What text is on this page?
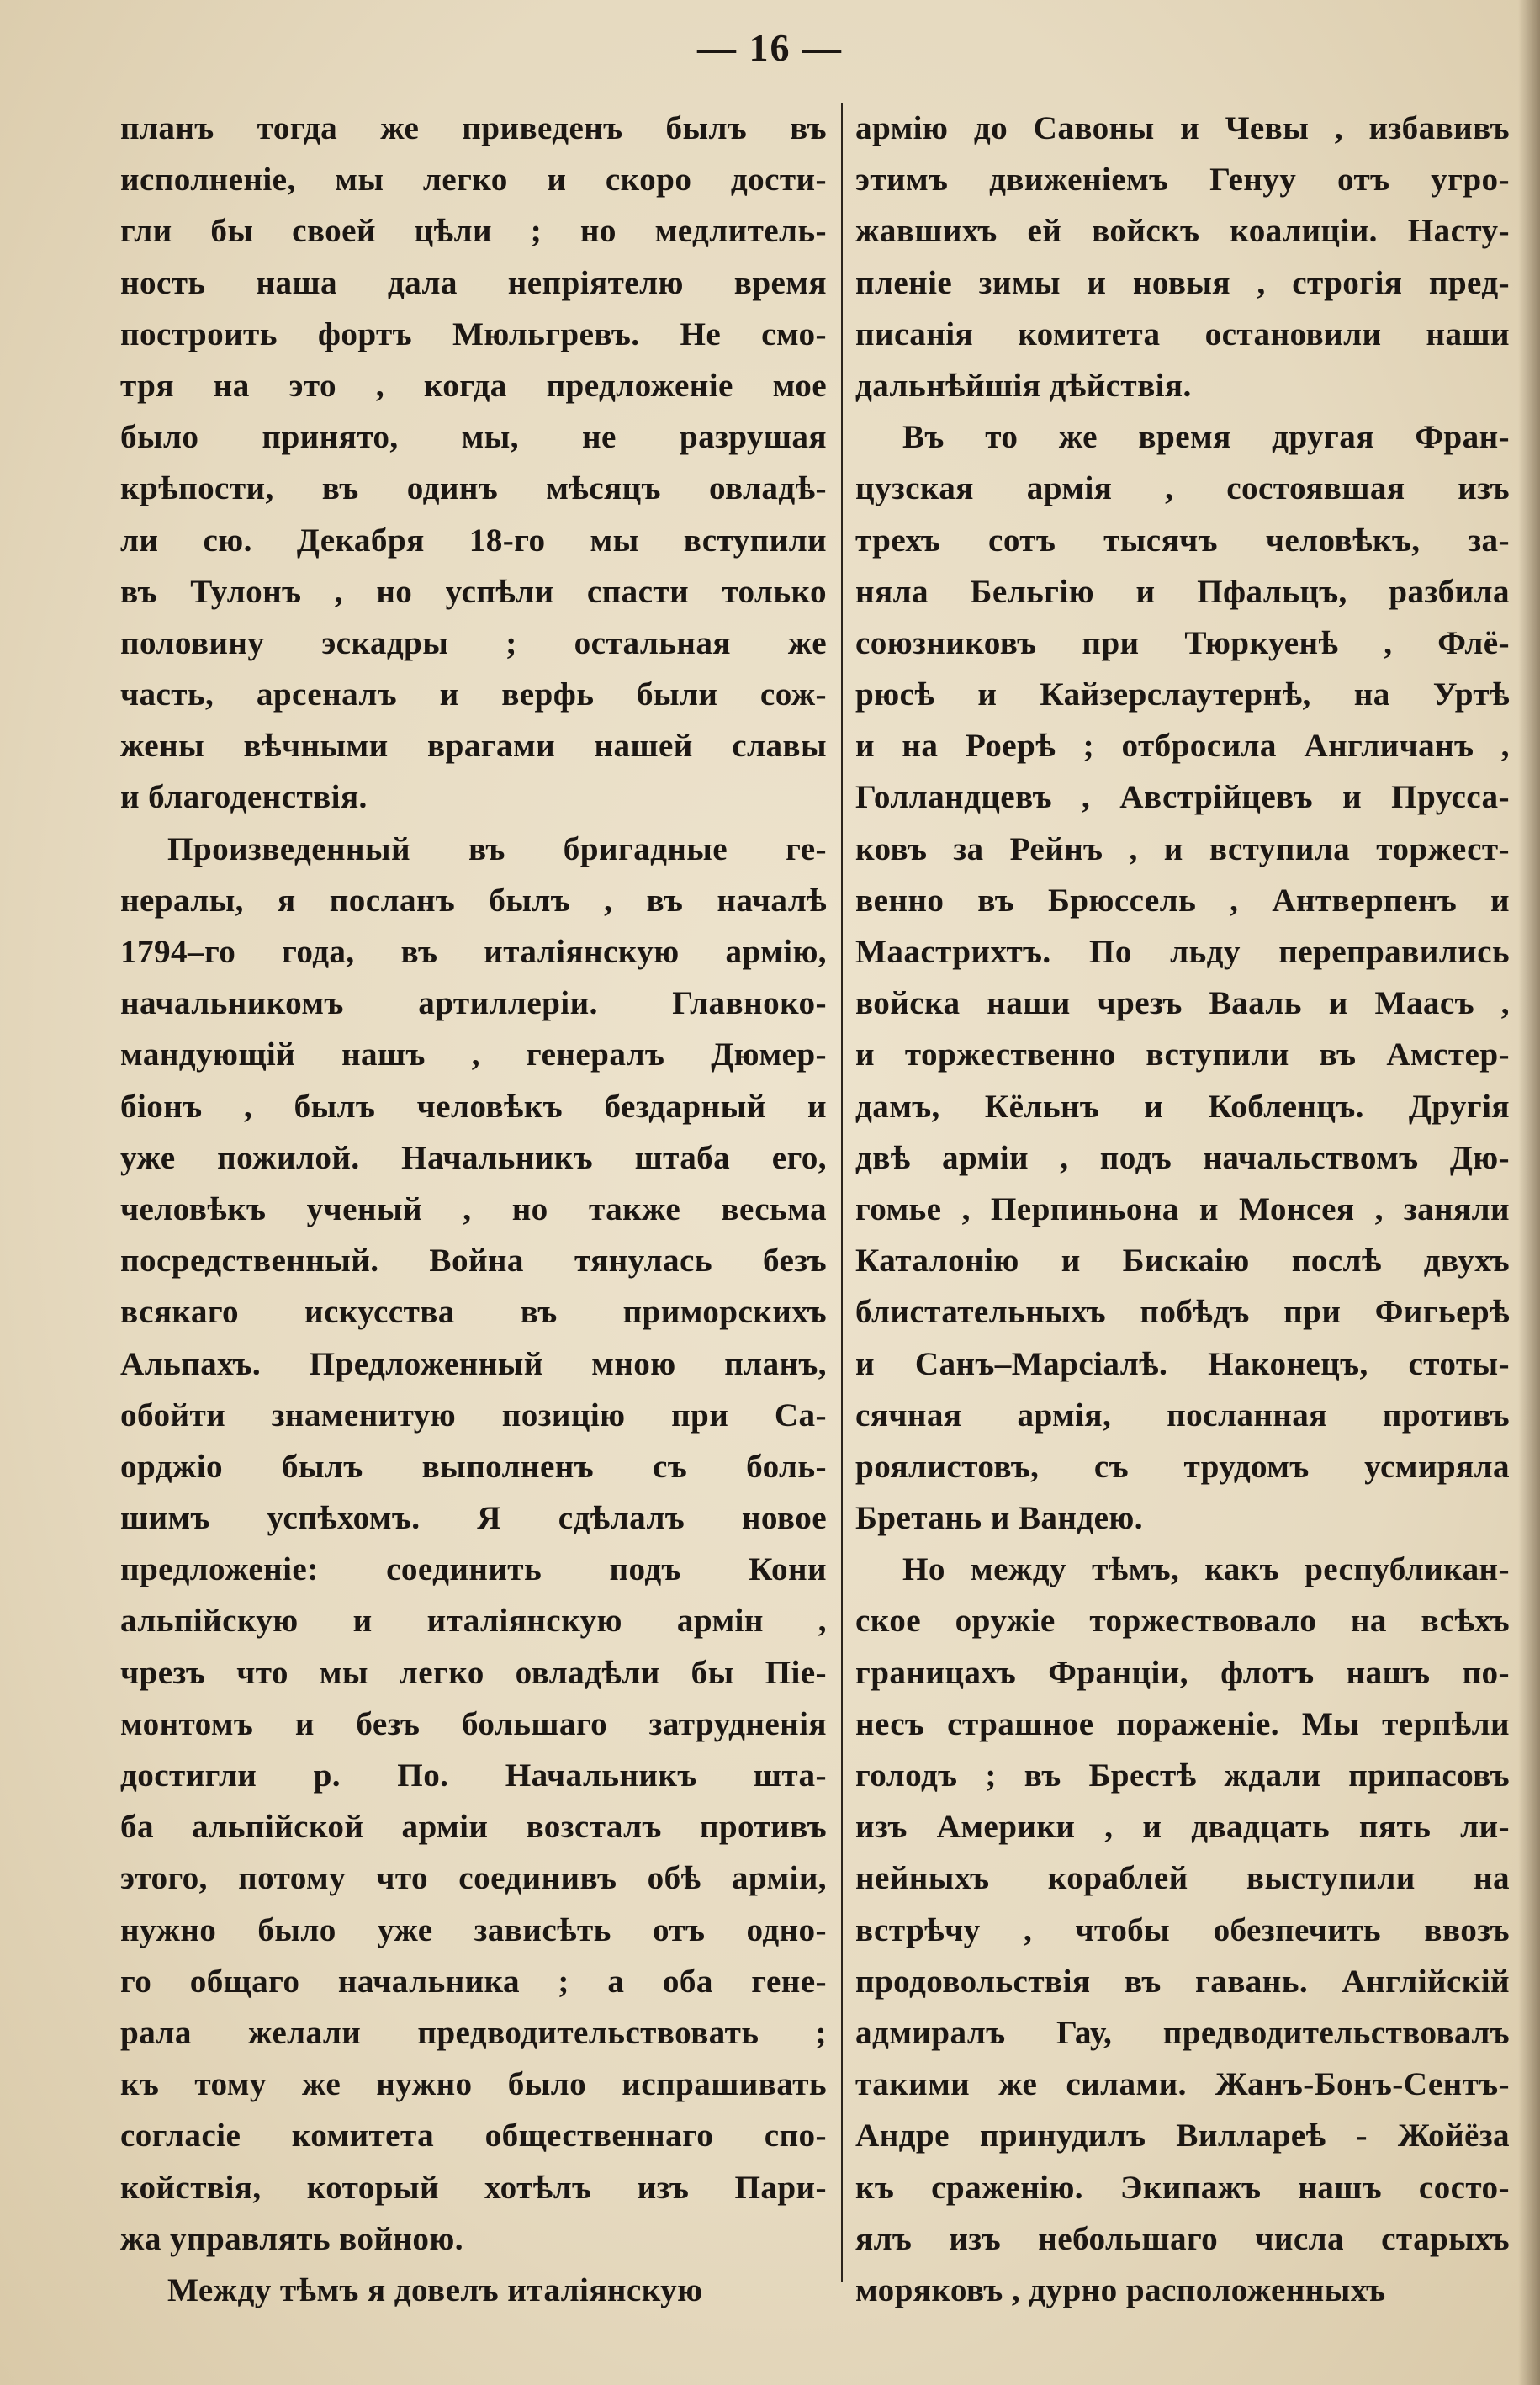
— 16 —
планъ тогда же приведенъ былъ въ
исполненіе, мы легко и скоро дости-
гли бы своей цѣли ; но медлитель-
ность наша дала непріятелю время
построить фортъ Мюльгревъ. Не смо-
тря на это , когда предложеніе мое
было принято, мы, не разрушая
крѣпости, въ одинъ мѣсяцъ овладѣ-
ли сю. Декабря 18-го мы вступили
въ Тулонъ , но успѣли спасти только
половину эскадры ; остальная же
часть, арсеналъ и верфь были сож-
жены вѣчными врагами нашей славы
и благоденствія.
Произведенный въ бригадные ге-
нералы, я посланъ былъ , въ началѣ
1794–го года, въ италіянскую армію,
начальникомъ артиллеріи. Главноко-
мандующій нашъ , генералъ Дюмер-
біонъ , былъ человѣкъ бездарный и
уже пожилой. Начальникъ штаба его,
человѣкъ ученый , но также весьма
посредственный. Война тянулась безъ
всякаго искусства въ приморскихъ
Альпахъ. Предложенный мною планъ,
обойти знаменитую позицію при Са-
орджіо былъ выполненъ съ боль-
шимъ успѣхомъ. Я сдѣлалъ новое
предложеніе: соединить подъ Кони
альпійскую и италіянскую армін ,
чрезъ что мы легко овладѣли бы Піе-
монтомъ и безъ большаго затрудненія
достигли р. По. Начальникъ шта-
ба альпійской арміи возсталъ противъ
этого, потому что соединивъ обѣ арміи,
нужно было уже зависѣть отъ одно-
го общаго начальника ; а оба гене-
рала желали предводительствовать ;
къ тому же нужно было испрашивать
согласіе комитета общественнаго спо-
койствія, который хотѣлъ изъ Пари-
жа управлять войною.
Между тѣмъ я довелъ италіянскую
армію до Савоны и Чевы , избавивъ
этимъ движеніемъ Генуу отъ угро-
жавшихъ ей войскъ коалиціи. Насту-
пленіе зимы и новыя , строгія пред-
писанія комитета остановили наши
дальнѣйшія дѣйствія.
Въ то же время другая Фран-
цузская армія , состоявшая изъ
трехъ сотъ тысячъ человѣкъ, за-
няла Бельгію и Пфальцъ, разбила
союзниковъ при Тюркуенѣ , Флё-
рюсѣ и Кайзерслаутернѣ, на Уртѣ
и на Роерѣ ; отбросила Англичанъ ,
Голландцевъ , Австрійцевъ и Прусса-
ковъ за Рейнъ , и вступила торжест-
венно въ Брюссель , Антверпенъ и
Маастрихтъ. По льду переправились
войска наши чрезъ Вааль и Маасъ ,
и торжественно вступили въ Амстер-
дамъ, Кёльнъ и Кобленцъ. Другія
двѣ арміи , подъ начальствомъ Дю-
гомье , Перпиньона и Монсея , заняли
Каталонію и Бискаію послѣ двухъ
блистательныхъ побѣдъ при Фигьерѣ
и Санъ–Марсіалѣ. Наконецъ, стоты-
сячная армія, посланная противъ
роялистовъ, съ трудомъ усмиряла
Бретань и Вандею.
Но между тѣмъ, какъ республикан-
ское оружіе торжествовало на всѣхъ
границахъ Франціи, флотъ нашъ по-
несъ страшное пораженіе. Мы терпѣли
голодъ ; въ Брестѣ ждали припасовъ
изъ Америки , и двадцать пять ли-
нейныхъ кораблей выступили на
встрѣчу , чтобы обезпечить ввозъ
продовольствія въ гавань. Англійскій
адмиралъ Гау, предводительствовалъ
такими же силами. Жанъ-Бонъ-Сентъ-
Андре принудилъ Виллареѣ - Жойёза
къ сраженію. Экипажъ нашъ состо-
ялъ изъ небольшаго числа старыхъ
моряковъ , дурно расположенныхъ
